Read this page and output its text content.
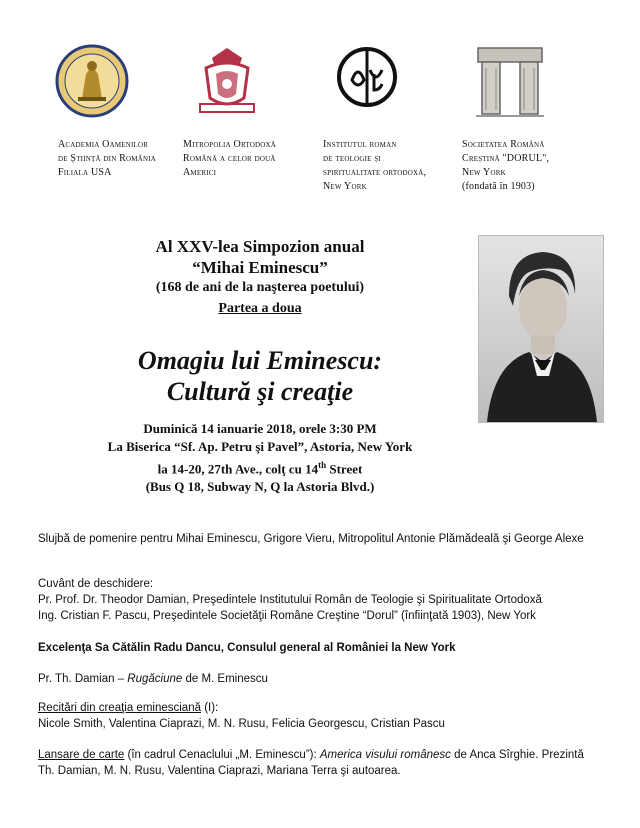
Academia Oamenilor
de Știință din România
Filiala USA
Mitropolia Ortodoxă
Română a celor două
Americi
Institutul roman
de teologie și
spiritualitate ortodoxă,
New York
Societatea Română
Creștină "DORUL",
New York
(fondată în 1903)
Al XXV-lea Simpozion anual
“Mihai Eminescu”
(168 de ani de la naşterea poetului)
Partea a doua
Omagiu lui Eminescu:
Cultură şi creaţie
Duminică 14 ianuarie 2018, orele 3:30 PM
La Biserica “Sf. Ap. Petru şi Pavel”, Astoria, New York
la 14-20, 27th Ave., colţ cu 14th Street
(Bus Q 18, Subway N, Q la Astoria Blvd.)

Slujbă de pomenire pentru Mihai Eminescu, Grigore Vieru, Mitropolitul Antonie Plămădeală şi George Alexe

Cuvânt de deschidere:

Pr. Prof. Dr. Theodor Damian, Preşedintele Institutului Român de Teologie şi Spiritualitate Ortodoxă

Ing. Cristian F. Pascu, Preşedintele Societăţii Române Creştine “Dorul” (înfiinţată 1903), New York

Excelenţa Sa Cătălin Radu Dancu, Consulul general al României la New York

Pr. Th. Damian – Rugăciune de M. Eminescu

Recitări din creaţia eminesciană (I):

Nicole Smith, Valentina Ciaprazi, M. N. Rusu, Felicia Georgescu, Cristian Pascu

Lansare de carte (în cadrul Cenaclului „M. Eminescu”): America visului românesc de Anca Sîrghie. Prezintă

Th. Damian, M. N. Rusu, Valentina Ciaprazi, Mariana Terra şi autoarea.
